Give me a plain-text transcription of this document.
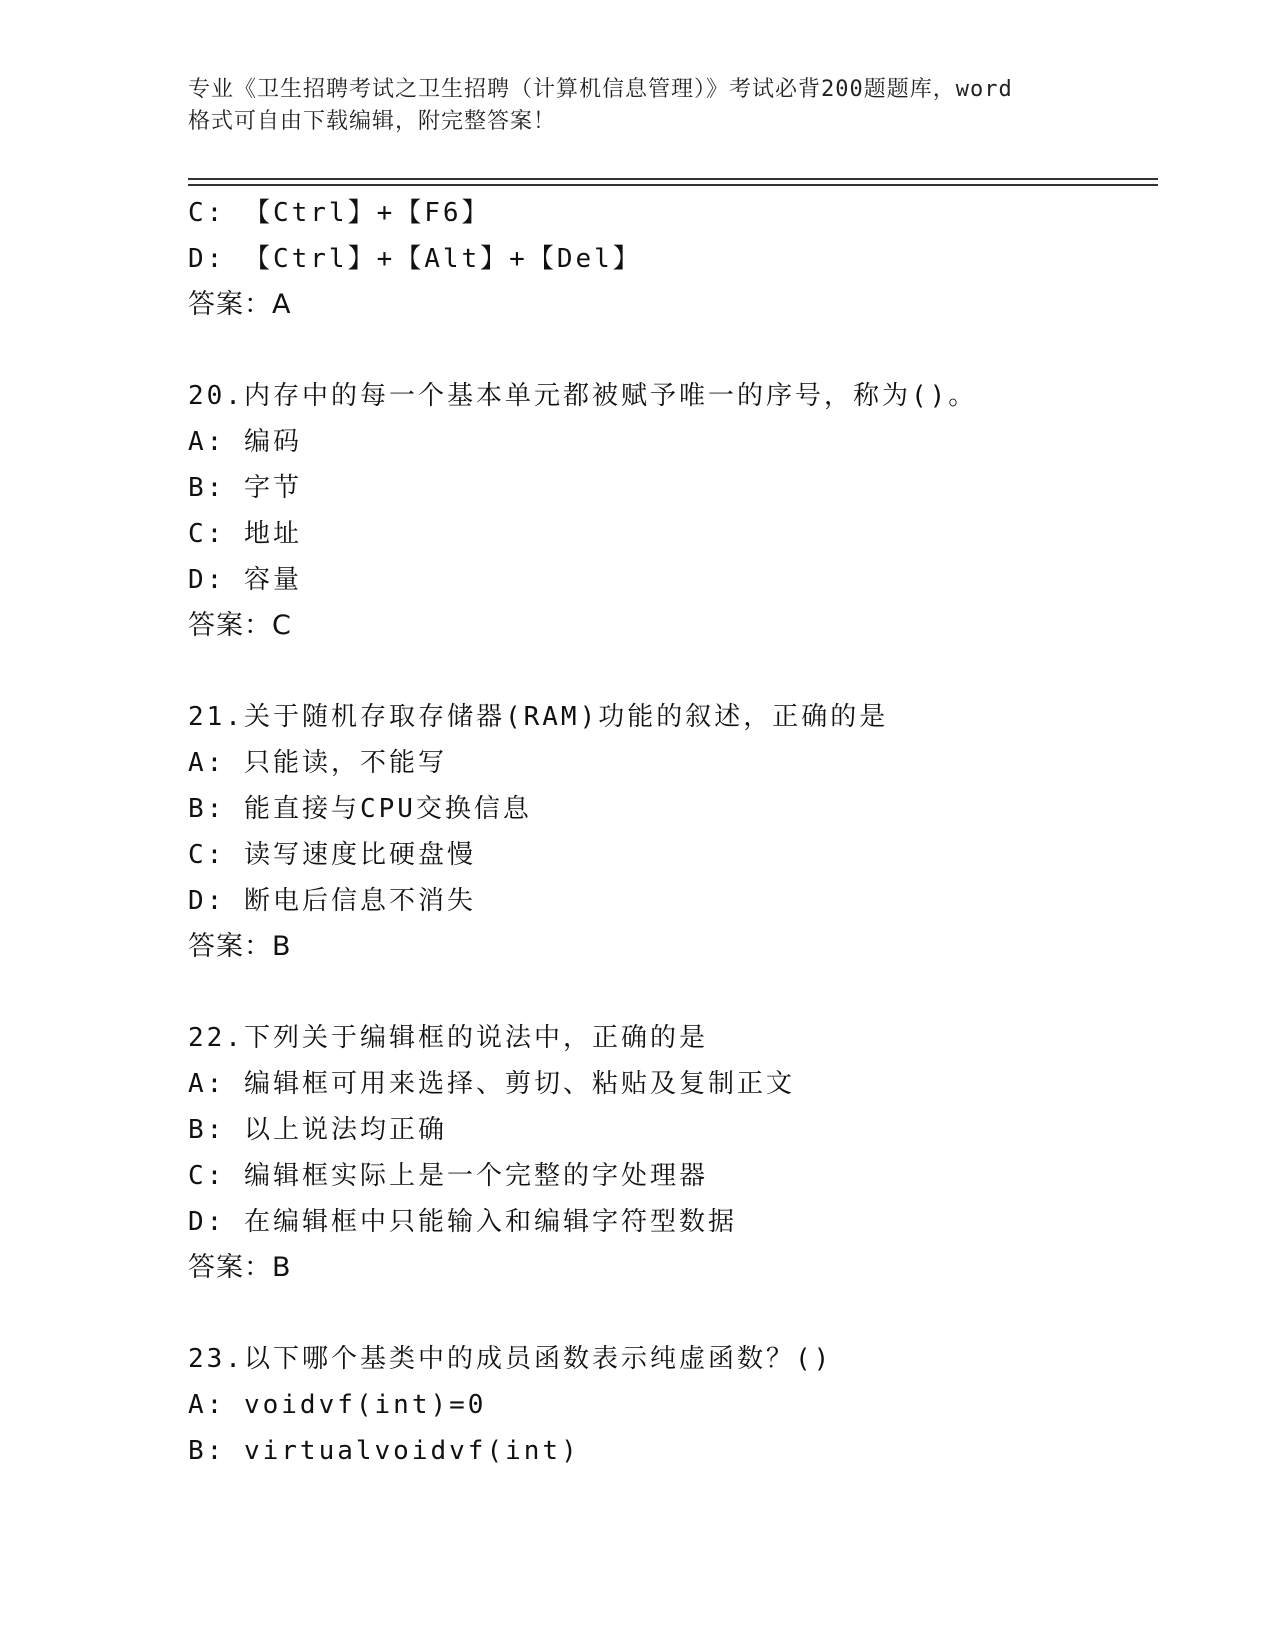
专业《卫生招聘考试之卫生招聘（计算机信息管理）》考试必背200题题库，word
格式可自由下载编辑，附完整答案！
C: 【Ctrl】+【F6】
D: 【Ctrl】+【Alt】+【Del】
答案：A
20.内存中的每一个基本单元都被赋予唯一的序号，称为()。
A: 编码
B: 字节
C: 地址
D: 容量
答案：C
21.关于随机存取存储器(RAM)功能的叙述，正确的是
A: 只能读，不能写
B: 能直接与CPU交换信息
C: 读写速度比硬盘慢
D: 断电后信息不消失
答案：B
22.下列关于编辑框的说法中，正确的是
A: 编辑框可用来选择、剪切、粘贴及复制正文
B: 以上说法均正确
C: 编辑框实际上是一个完整的字处理器
D: 在编辑框中只能输入和编辑字符型数据
答案：B
23.以下哪个基类中的成员函数表示纯虚函数？()
A: voidvf(int)=0
B: virtualvoidvf(int)
